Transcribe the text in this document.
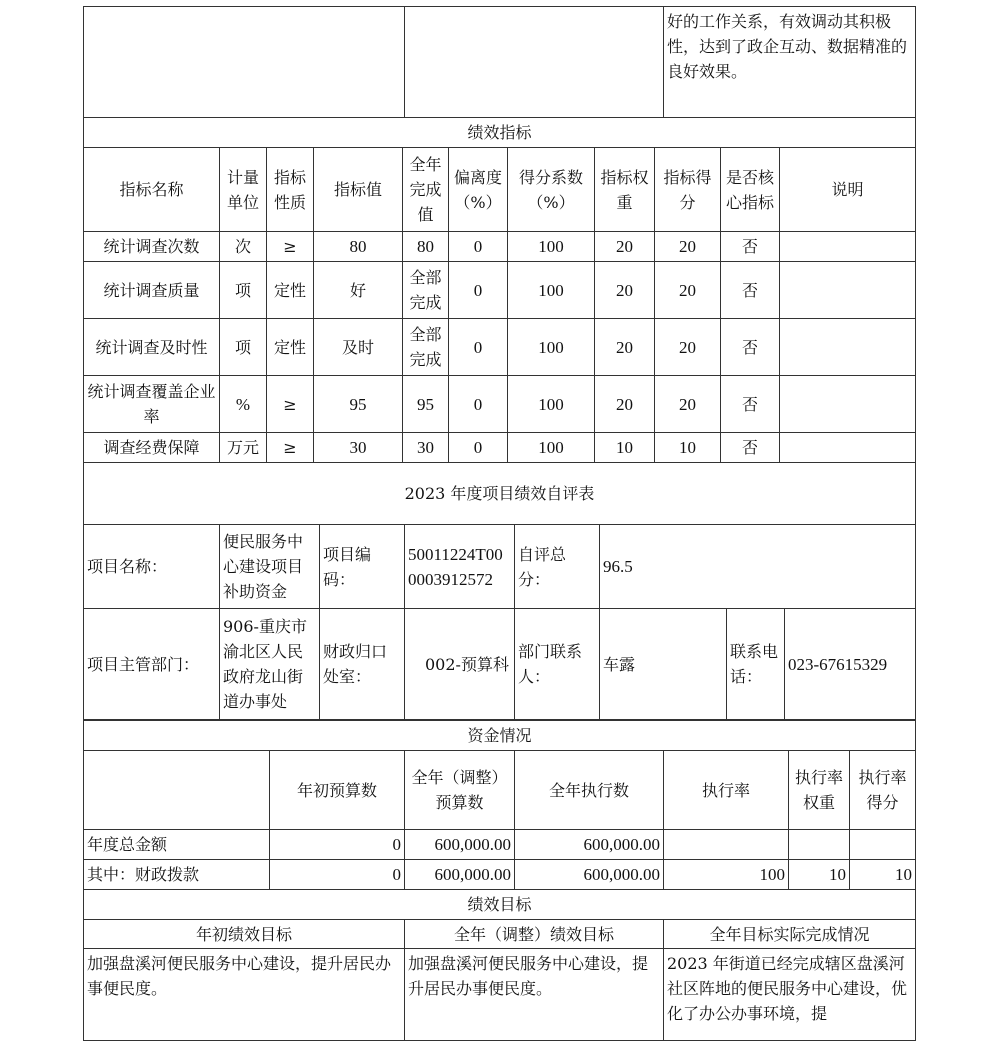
		好的工作关系，有效调动其积极性，达到了政企互动、数据精准的良好效果。
绩效指标										
指标名称	计量单位	指标性质	指标值	全年完成值	偏离度（%）	得分系数（%）	指标权重	指标得分	是否核心指标	说明
统计调查次数	次	≥	80	80	0	100	20	20	否	
统计调查质量	项	定性	好	全部完成	0	100	20	20	否	
统计调查及时性	项	定性	及时	全部完成	0	100	20	20	否	
统计调查覆盖企业率	%	≥	95	95	0	100	20	20	否	
调查经费保障	万元	≥	30	30	0	100	10	10	否	
2023 年度项目绩效自评表							
项目名称：	便民服务中心建设项目补助资金	项目编码：	50011224T000003912572	自评总分：	96.5		
项目主管部门：	906-重庆市渝北区人民政府龙山街道办事处	财政归口处室：	002-预算科	部门联系人：	车露	联系电话：	023-67615329
资金情况						
	年初预算数	全年（调整）预算数	全年执行数	执行率	执行率权重	执行率得分
年度总金额	0	600,000.00	600,000.00			
其中：财政拨款	0	600,000.00	600,000.00	100	10	10
绩效目标		
年初绩效目标	全年（调整）绩效目标	全年目标实际完成情况
加强盘溪河便民服务中心建设，提升居民办事便民度。	加强盘溪河便民服务中心建设，提升居民办事便民度。	2023 年街道已经完成辖区盘溪河社区阵地的便民服务中心建设，优化了办公办事环境，提
